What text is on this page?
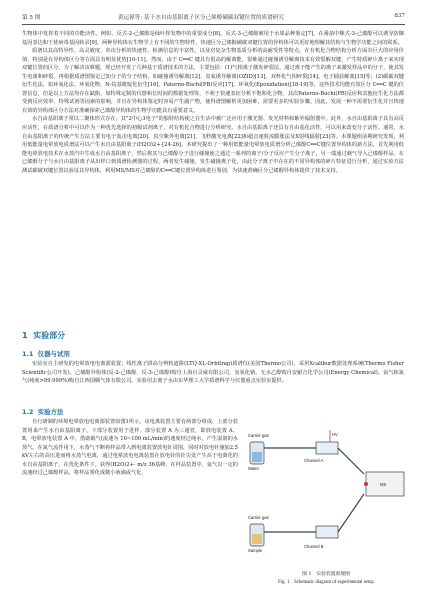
第 5 期	黄运偉等: 基于水自由基阳离子区分己烯醇碳碳双键位置的质谱研究	837

生物体中发挥着不同的功能活性。例如，反式-2-己烯醇是绿叶挥发物中的重要成分[8]，反式-3-己烯醇被用于水果品种鉴定[7]，在番茄中顺式-3-己烯醇可以诱导防御基因表达和干扰病毒基因转录[9]。两种异构体在生物学上有不同的生物特性，快速区分己烯醇碳碳双键位置的异构体可以更好地理解其结构与生物学功能之间的联系。

质谱以其高特异性、高灵敏度、单次分析的快速性、检测信息的丰富性，以及对复杂生物基质分析的高耐受性等特点，在有机化合物结构分析方面有巨大的应用价值。特别是在异构体区分等方面具有明显优势[10-11]。然而，由于 C══C 键具有很高的解离能，很难通过碰撞诱导解离技术有效裂解双键，产生特质碎片离子来实现双键位置的区分。为了解决该难题，现已经开发了几种基于质谱技术的方法，主要包括：(1)气相离子激发碎裂法，通过离子能产生的离子来激发样品中的分子，使其发生电离和碎裂，再根据质谱图鉴定己知分子的分子结构，如碰撞诱导解离[12]、臭氧诱导解离(OZID)[13]、双杯化气相碎裂[14]、电子捕获解离[15]等；(2)碳碳双键衍生化法，如环氧化法、环氧化物、N-烷基吡啶化衍生[16]、Paterno-Buchi(PB)反应[17]、环氧化(Epoxidation)[18-19]等。这些技术均能有效区分 C══C 键的位置信息，但是以上方法均存在缺陷，如特殊定制的仪器和长时间的数据处理等，不利于快速表征分析不饱和化合物。其次Paterno-Buchi(PB)反应和其他衍生化方法都受到反应效率、特殊试剂等因素的影响，并且在异构体鉴定时容易产生副产物，使得谱图解析更加困难，需要更多的实验步骤。因此，发展一种不需要衍生化并且快速有效的异构体区分方法对准确探索己烯醇异构体的生物学功能具有重要意义。

水自由基阳离子常以二聚体形式存在，其"2中心3电子"的独特结构使之在生活中被广泛应用于激光器、发光材料和紫外辐射器中。此外，水自由基阳离子具有高反应活性，在质谱分析中可以作为一种优先选择的初级试剂离子，对有机化合物进行分析研究。水自由基阳离子还具有自由基化活性，可以用来改变分子活性。通常，水自由基阳离子的传统产生方法主要有电子轰击电离[20]、真空紫外电离[21]、飞秒激光电离[22]和超音速射流膨胀法及X射线辐射[23]等。本课题组前期研究发现，利用低能量电晕放电质谱法可以产生水自由基阳离子(H2O)2+·[24-26]。本研究提出了一种用低能量电晕放电质谱分析己烯醇C══C键位置异构体的新方法。首先利用低能电晕放电技术在水蒸汽中生成水自由基阳离子，然后将其与已烯醇分子进行碰撞使之通过一系列的离子/分子反应产生分子离子，另一端通过载气导入己烯醇样品。在已烯醇分子与水自由基阳离子从出样口到质谱检测器的过程，两者发生碰撞，发生碰撞离子化，由此分子离子中存在的不同异构体的碎片特征进行分析，通过实验方法测试碳碳双键位置以验证其异构体，利用MS/MS对己烯醇的C══C键位置异构体进行鉴别，为快速准确区分己烯醇异构体提供了技术支持。

1 实验部分
1.1 仪器与试剂

实验室自主研发的电晕放电电离源装置；线性离子阱高分辨轨道阱(LTQ-XL-Orbitrap)质谱仪(美国Thermo公司)，采用Xcalibur数据处理系统(Thermo Fisher Scientific公司开发)。己烯醇异构体(反-2-己烯醇、反-3-己烯醇)购自上海百灵威有限公司。氢氧化钠、无水乙醇购自安耐吉化学公司(Energy Chemical)。氩气和氮气(纯度>99.999%)购自江西国腾气体有限公司。实验用去离子水由东华理工大学质谱科学与仪器重点实验室提供。

1.2 实验方法

自行研制的环境电晕放电电离源装置如图1所示。该电离装置主要有两部分组成，上部分装置用来产生水自由基阳离子，下部分装置用于进样。部分装置 A 为三通管，即放电装置 A、B，电晕放电装置 A 中，借助载气(流速为 10~100 mL/min)的速度经过纯水，产生湿润的水蒸气。在氮气流作用下，水蒸气不断将样品带入到电离装置放电针周围，同时对放电针施加2.5 kV左右的高压进而将水蒸气电离，通过电晕放电电离装置在放电针的针尖处产生高于电离化的水自由基阳离子。在优化条件下，获得(H2O)2+· m/z 36基峰。在样品装置中，氩气以一定的流速经过己烯醇样品，将样品雾化成微小液滴或气化，

Carrier gas
Water
HV
Channel A
Carrier gas
Sample
Channel B
MS
图 1　实验装置原理图
Fig. 1　Schematic diagram of experimental setup
